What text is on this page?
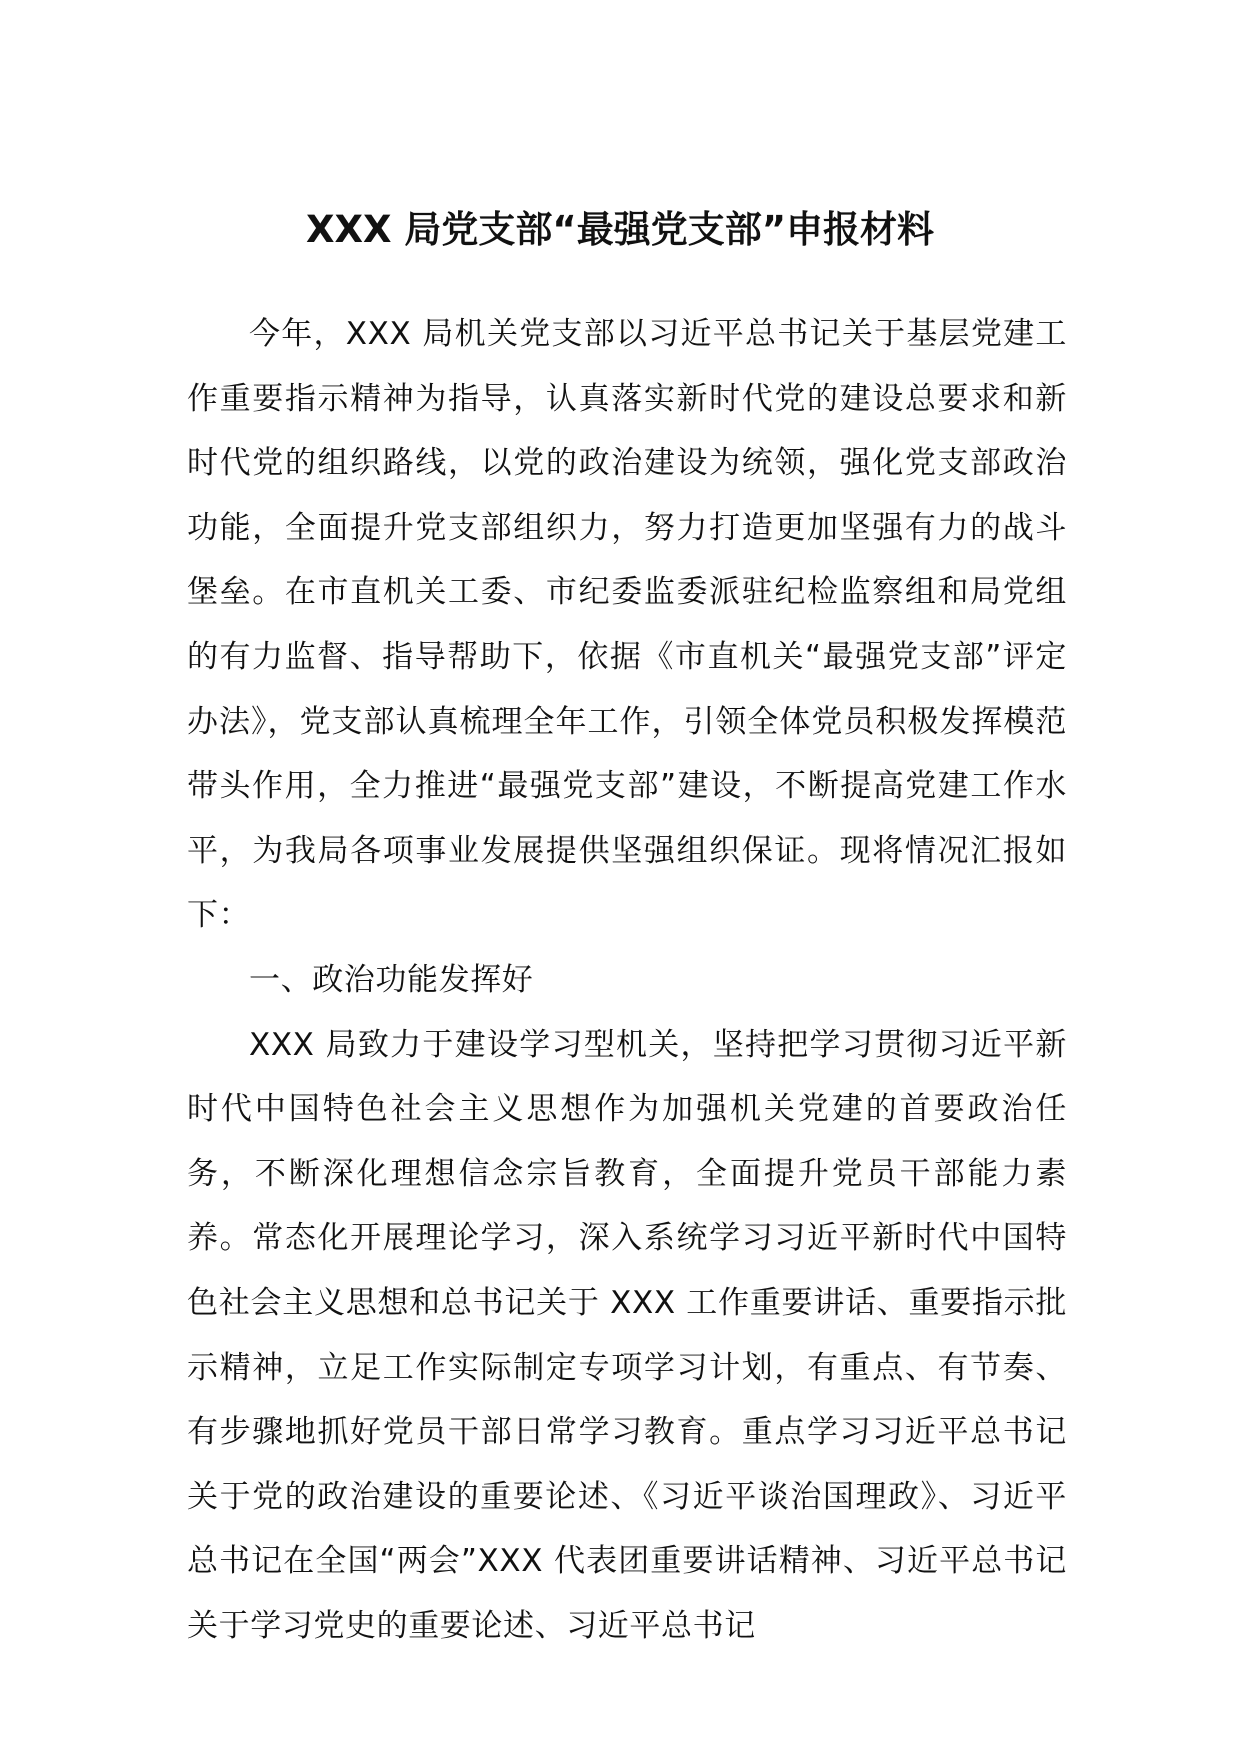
XXX 局党支部“最强党支部”申报材料

今年，XXX 局机关党支部以习近平总书记关于基层党建工作重要指示精神为指导，认真落实新时代党的建设总要求和新时代党的组织路线，以党的政治建设为统领，强化党支部政治功能，全面提升党支部组织力，努力打造更加坚强有力的战斗堡垒。在市直机关工委、市纪委监委派驻纪检监察组和局党组的有力监督、指导帮助下，依据《市直机关“最强党支部”评定办法》，党支部认真梳理全年工作，引领全体党员积极发挥模范带头作用，全力推进“最强党支部”建设，不断提高党建工作水平，为我局各项事业发展提供坚强组织保证。现将情况汇报如下：

一、政治功能发挥好

XXX 局致力于建设学习型机关，坚持把学习贯彻习近平新时代中国特色社会主义思想作为加强机关党建的首要政治任务，不断深化理想信念宗旨教育，全面提升党员干部能力素养。常态化开展理论学习，深入系统学习习近平新时代中国特色社会主义思想和总书记关于 XXX 工作重要讲话、重要指示批示精神，立足工作实际制定专项学习计划，有重点、有节奏、有步骤地抓好党员干部日常学习教育。重点学习习近平总书记关于党的政治建设的重要论述、《习近平谈治国理政》、习近平总书记在全国“两会”XXX 代表团重要讲话精神、习近平总书记关于学习党史的重要论述、习近平总书记
